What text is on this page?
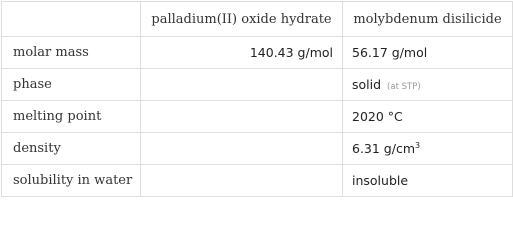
	palladium(II) oxide hydrate	molybdenum disilicide
molar mass	140.43 g/mol	56.17 g/mol
phase		solid (at STP)
melting point		2020 °C
density		6.31 $g/cm^3$
solubility in water		insoluble
